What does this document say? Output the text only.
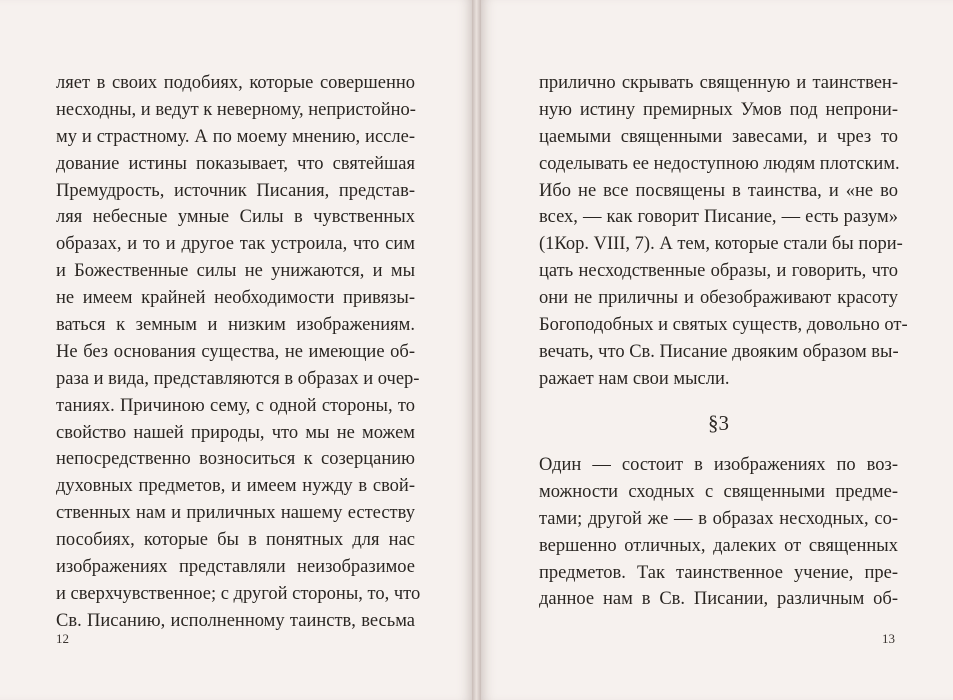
ляет в своих подобиях, которые совершенно
несходны, и ведут к неверному, непристойно-
му и страстному. А по моему мнению, иссле-
дование истины показывает, что святейшая
Премудрость, источник Писания, представ-
ляя небесные умные Силы в чувственных
образах, и то и другое так устроила, что сим
и Божественные силы не унижаются, и мы
не имеем крайней необходимости привязы-
ваться к земным и низким изображениям.
Не без основания существа, не имеющие об-
раза и вида, представляются в образах и очер-
таниях. Причиною сему, с одной стороны, то
свойство нашей природы, что мы не можем
непосредственно возноситься к созерцанию
духовных предметов, и имеем нужду в свой-
ственных нам и приличных нашему естеству
пособиях, которые бы в понятных для нас
изображениях представляли неизобразимое
и сверхчувственное; с другой стороны, то, что
Св. Писанию, исполненному таинств, весьма
прилично скрывать священную и таинствен-
ную истину премирных Умов под непрони-
цаемыми священными завесами, и чрез то
соделывать ее недоступною людям плотским.
Ибо не все посвящены в таинства, и «не во
всех, — как говорит Писание, — есть разум»
(1Кор. VIII, 7). А тем, которые стали бы пори-
цать несходственные образы, и говорить, что
они не приличны и обезображивают красоту
Богоподобных и святых существ, довольно от-
вечать, что Св. Писание двояким образом вы-
ражает нам свои мысли.
§3
Один — состоит в изображениях по воз-
можности сходных с священными предме-
тами; другой же — в образах несходных, со-
вершенно отличных, далеких от священных
предметов. Так таинственное учение, пре-
данное нам в Св. Писании, различным об-
12	13
